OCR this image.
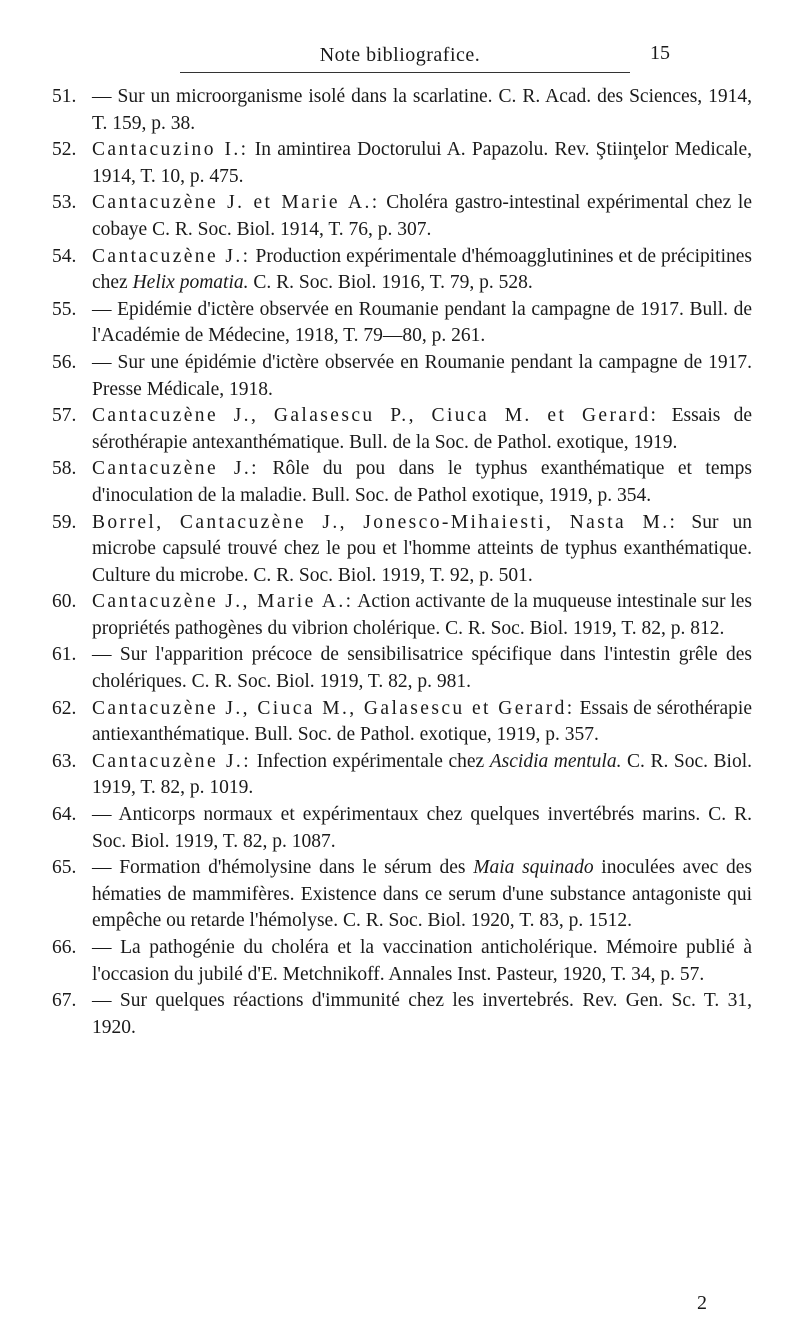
Note bibliografice.	15
51. — Sur un microorganisme isolé dans la scarlatine. C. R. Acad. des Sciences, 1914, T. 159, p. 38.
52. Cantacuzino I.: In amintirea Doctorului A. Papazolu. Rev. Ştiinţelor Medicale, 1914, T. 10, p. 475.
53. Cantacuzène J. et Marie A.: Choléra gastro-intestinal expérimental chez le cobaye C. R. Soc. Biol. 1914, T. 76, p. 307.
54. Cantacuzène J.: Production expérimentale d'hémoagglutinines et de précipitines chez Helix pomatia. C. R. Soc. Biol. 1916, T. 79, p. 528.
55. — Epidémie d'ictère observée en Roumanie pendant la campagne de 1917. Bull. de l'Académie de Médecine, 1918, T. 79—80, p. 261.
56. — Sur une épidémie d'ictère observée en Roumanie pendant la campagne de 1917. Presse Médicale, 1918.
57. Cantacuzène J., Galasescu P., Ciuca M. et Gerard: Essais de sérothérapie antexanthématique. Bull. de la Soc. de Pathol. exotique, 1919.
58. Cantacuzène J.: Rôle du pou dans le typhus exanthématique et temps d'inoculation de la maladie. Bull. Soc. de Pathol exotique, 1919, p. 354.
59. Borrel, Cantacuzène J., Jonesco-Mihaiesti, Nasta M.: Sur un microbe capsulé trouvé chez le pou et l'homme atteints de typhus exanthématique. Culture du microbe. C. R. Soc. Biol. 1919, T. 92, p. 501.
60. Cantacuzène J., Marie A.: Action activante de la muqueuse intestinale sur les propriétés pathogènes du vibrion cholérique. C. R. Soc. Biol. 1919, T. 82, p. 812.
61. — Sur l'apparition précoce de sensibilisatrice spécifique dans l'intestin grêle des cholériques. C. R. Soc. Biol. 1919, T. 82, p. 981.
62. Cantacuzène J., Ciuca M., Galasescu et Gerard: Essais de sérothérapie antiexanthématique. Bull. Soc. de Pathol. exotique, 1919, p. 357.
63. Cantacuzène J.: Infection expérimentale chez Ascidia mentula. C. R. Soc. Biol. 1919, T. 82, p. 1019.
64. — Anticorps normaux et expérimentaux chez quelques invertébrés marins. C. R. Soc. Biol. 1919, T. 82, p. 1087.
65. — Formation d'hémolysine dans le sérum des Maia squinado inoculées avec des hématies de mammifères. Existence dans ce serum d'une substance antagoniste qui empêche ou retarde l'hémolyse. C. R. Soc. Biol. 1920, T. 83, p. 1512.
66. — La pathogénie du choléra et la vaccination anticholérique. Mémoire publié à l'occasion du jubilé d'E. Metchnikoff. Annales Inst. Pasteur, 1920, T. 34, p. 57.
67. — Sur quelques réactions d'immunité chez les invertebrés. Rev. Gen. Sc. T. 31, 1920.
2
